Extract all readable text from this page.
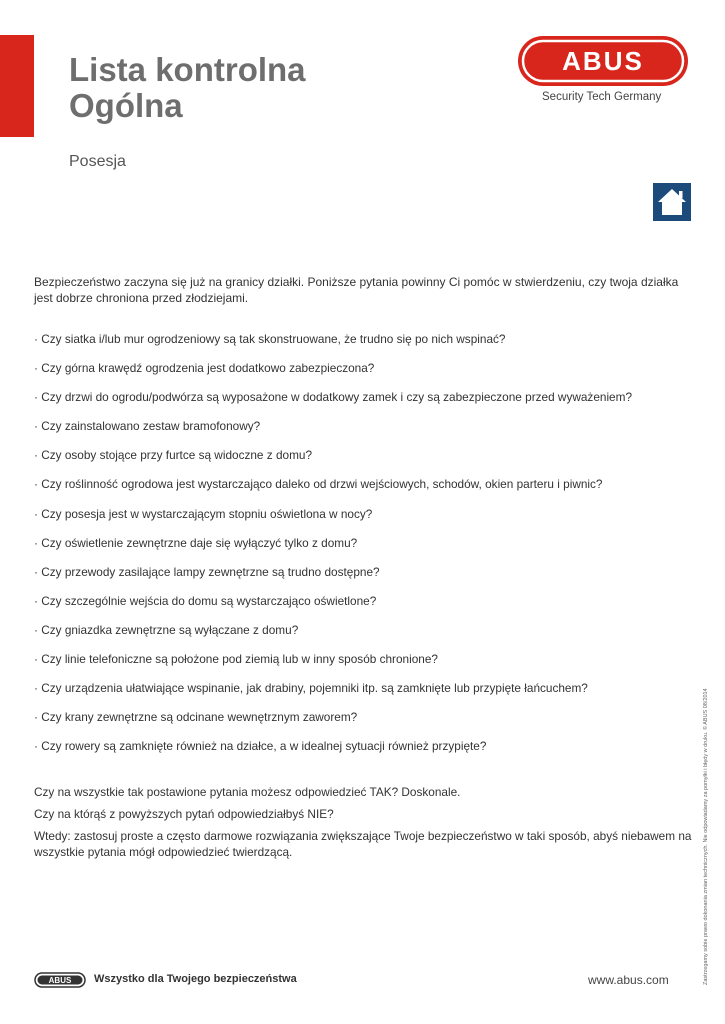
Lista kontrolna
Ogólna
Posesja
ABUS
Security Tech Germany

Bezpieczeństwo zaczyna się już na granicy działki. Poniższe pytania powinny Ci pomóc w stwierdzeniu, czy twoja działka jest dobrze chroniona przed złodziejami.

· Czy siatka i/lub mur ogrodzeniowy są tak skonstruowane, że trudno się po nich wspinać?
· Czy górna krawędź ogrodzenia jest dodatkowo zabezpieczona?
· Czy drzwi do ogrodu/podwórza są wyposażone w dodatkowy zamek i czy są zabezpieczone przed wyważeniem?
· Czy zainstalowano zestaw bramofonowy?
· Czy osoby stojące przy furtce są widoczne z domu?
· Czy roślinność ogrodowa jest wystarczająco daleko od drzwi wejściowych, schodów, okien parteru i piwnic?
· Czy posesja jest w wystarczającym stopniu oświetlona w nocy?
· Czy oświetlenie zewnętrzne daje się wyłączyć tylko z domu?
· Czy przewody zasilające lampy zewnętrzne są trudno dostępne?
· Czy szczególnie wejścia do domu są wystarczająco oświetlone?
· Czy gniazdka zewnętrzne są wyłączane z domu?
· Czy linie telefoniczne są położone pod ziemią lub w inny sposób chronione?
· Czy urządzenia ułatwiające wspinanie, jak drabiny, pojemniki itp. są zamknięte lub przypięte łańcuchem?
· Czy krany zewnętrzne są odcinane wewnętrznym zaworem?
· Czy rowery są zamknięte również na działce, a w idealnej sytuacji również przypięte?

Czy na wszystkie tak postawione pytania możesz odpowiedzieć TAK? Doskonale.

Czy na którąś z powyższych pytań odpowiedziałbyś NIE?

Wtedy: zastosuj proste a często darmowe rozwiązania zwiększające Twoje bezpieczeństwo w taki sposób, abyś niebawem na wszystkie pytania mógł odpowiedzieć twierdzącą.	Zastrzegamy sobie prawo dokonania zmian technicznych. Nie odpowiadamy za pomyłki i błędy w druku. © ABUS 08/2014
ABUS Wszystko dla Twojego bezpieczeństwa	www.abus.com
